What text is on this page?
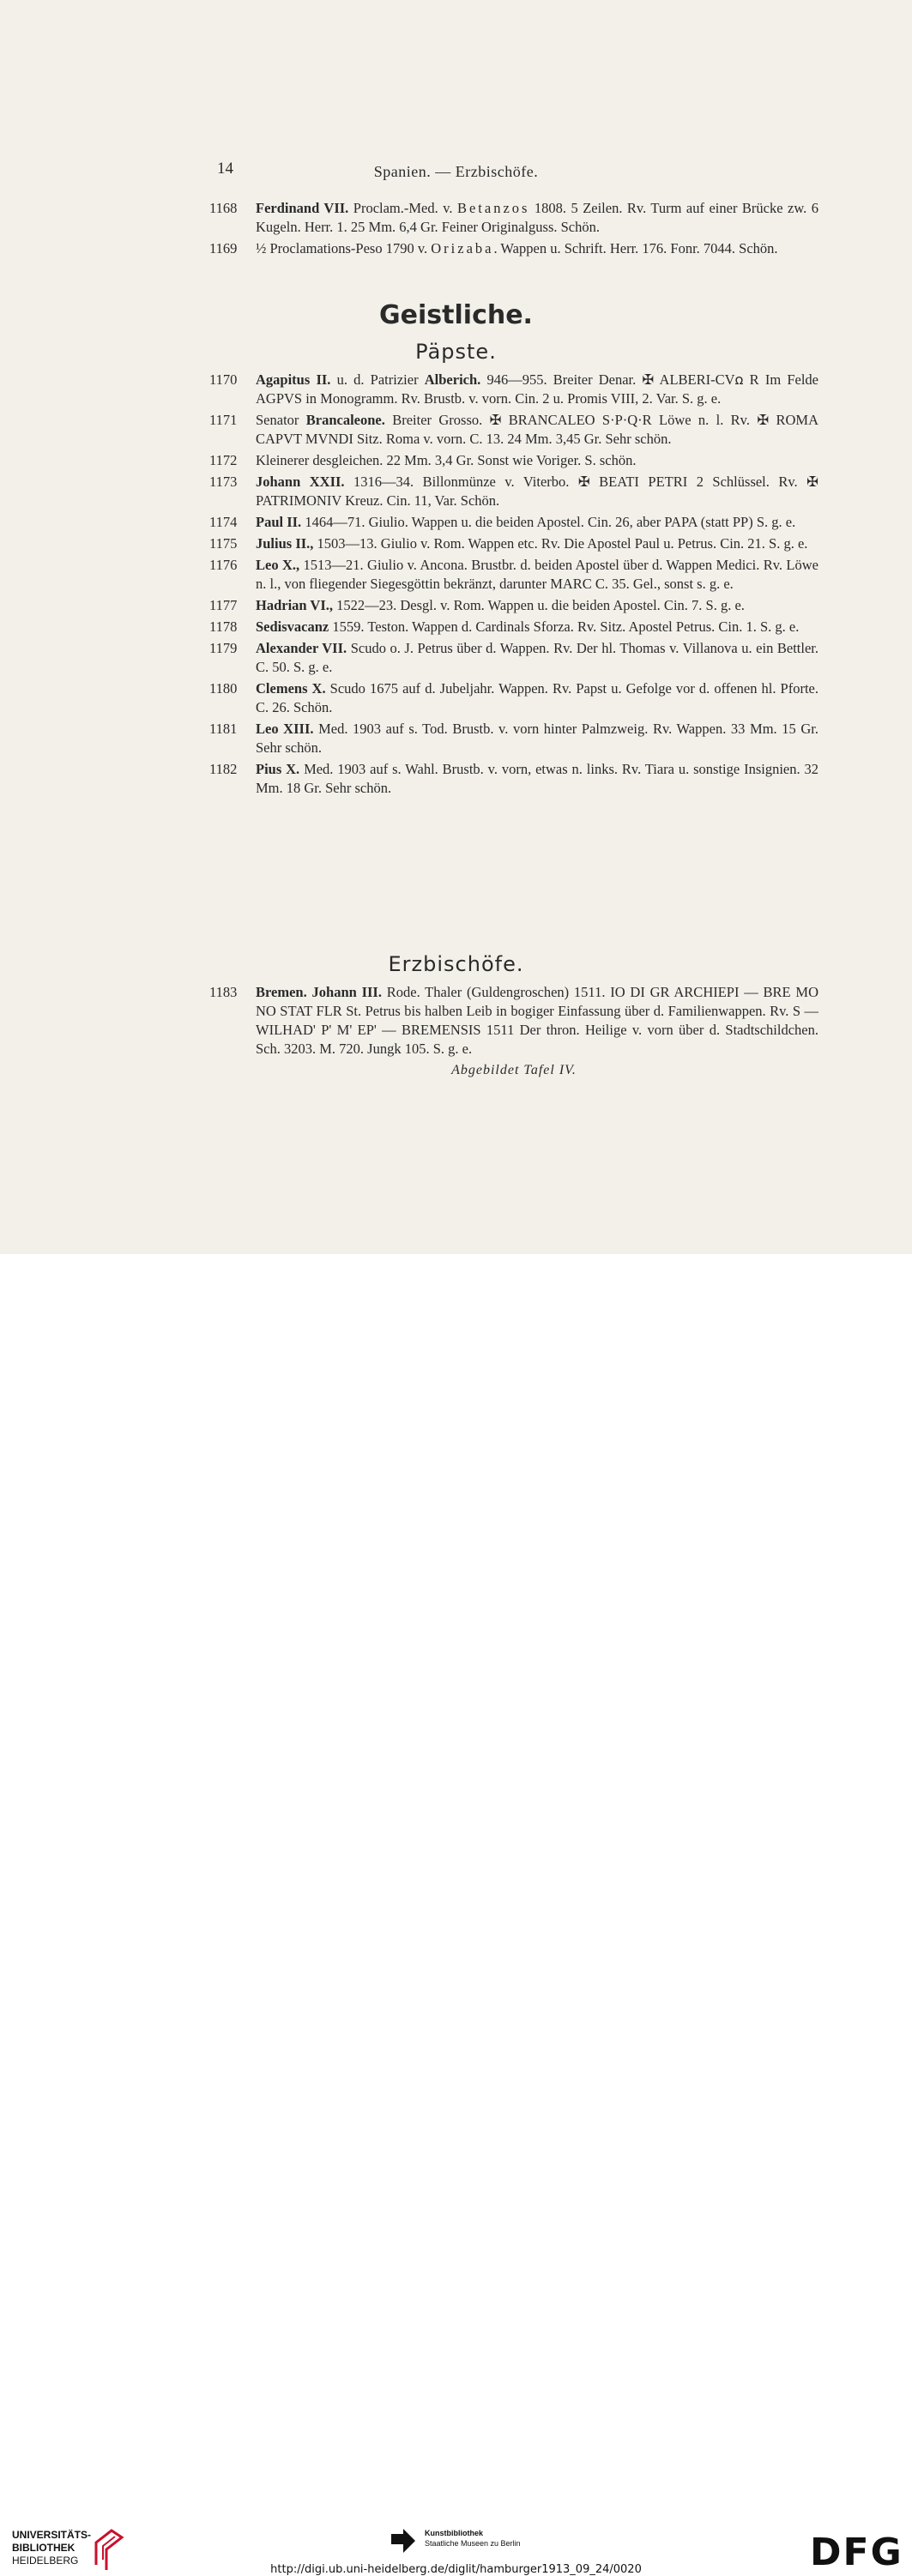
14	Spanien. — Erzbischöfe.
1168 Ferdinand VII. Proclam.-Med. v. Betanzos 1808. 5 Zeilen. Rv. Turm auf einer Brücke zw. 6 Kugeln. Herr. 1. 25 Mm. 6,4 Gr. Feiner Originalguss. Schön.
1169 ½ Proclamations-Peso 1790 v. Orizaba. Wappen u. Schrift. Herr. 176. Fonr. 7044. Schön.
Geistliche.
Päpste.
1170 Agapitus II. u. d. Patrizier Alberich. 946—955. Breiter Denar. ✠ ALBERI-CVꭥ R Im Felde AGPVS in Monogramm. Rv. Brustb. v. vorn. Cin. 2 u. Promis VIII, 2. Var. S. g. e.
1171 Senator Brancaleone. Breiter Grosso. ✠ BRANCALEO S·P·Q·R Löwe n. l. Rv. ✠ ROMA CAPVT MVNDI Sitz. Roma v. vorn. C. 13. 24 Mm. 3,45 Gr. Sehr schön.
1172 Kleinerer desgleichen. 22 Mm. 3,4 Gr. Sonst wie Voriger. S. schön.
1173 Johann XXII. 1316—34. Billonmünze v. Viterbo. ✠ BEATI PETRI 2 Schlüssel. Rv. ✠ PATRIMONIV Kreuz. Cin. 11, Var. Schön.
1174 Paul II. 1464—71. Giulio. Wappen u. die beiden Apostel. Cin. 26, aber PAPA (statt PP) S. g. e.
1175 Julius II., 1503—13. Giulio v. Rom. Wappen etc. Rv. Die Apostel Paul u. Petrus. Cin. 21. S. g. e.
1176 Leo X., 1513—21. Giulio v. Ancona. Brustbr. d. beiden Apostel über d. Wappen Medici. Rv. Löwe n. l., von fliegender Siegesgöttin bekränzt, darunter MARC C. 35. Gel., sonst s. g. e.
1177 Hadrian VI., 1522—23. Desgl. v. Rom. Wappen u. die beiden Apostel. Cin. 7. S. g. e.
1178 Sedisvacanz 1559. Teston. Wappen d. Cardinals Sforza. Rv. Sitz. Apostel Petrus. Cin. 1. S. g. e.
1179 Alexander VII. Scudo o. J. Petrus über d. Wappen. Rv. Der hl. Thomas v. Villanova u. ein Bettler. C. 50. S. g. e.
1180 Clemens X. Scudo 1675 auf d. Jubeljahr. Wappen. Rv. Papst u. Gefolge vor d. offenen hl. Pforte. C. 26. Schön.
1181 Leo XIII. Med. 1903 auf s. Tod. Brustb. v. vorn hinter Palmzweig. Rv. Wappen. 33 Mm. 15 Gr. Sehr schön.
1182 Pius X. Med. 1903 auf s. Wahl. Brustb. v. vorn, etwas n. links. Rv. Tiara u. sonstige Insignien. 32 Mm. 18 Gr. Sehr schön.
Erzbischöfe.
1183 Bremen. Johann III. Rode. Thaler (Guldengroschen) 1511. IO DI GR ARCHIEPI — BRE MO NO STAT FLR St. Petrus bis halben Leib in bogiger Einfassung über d. Familienwappen. Rv. S — WILHAD' P' M' EP' — BREMENSIS 1511 Der thron. Heilige v. vorn über d. Stadtschildchen. Sch. 3203. M. 720. Jungk 105. S. g. e.
Abgebildet Tafel IV.
UNIVERSITÄTS-
BIBLIOTHEK
HEIDELBERG
Kunstbibliothek
Staatliche Museen zu Berlin	DFG
http://digi.ub.uni-heidelberg.de/diglit/hamburger1913_09_24/0020
